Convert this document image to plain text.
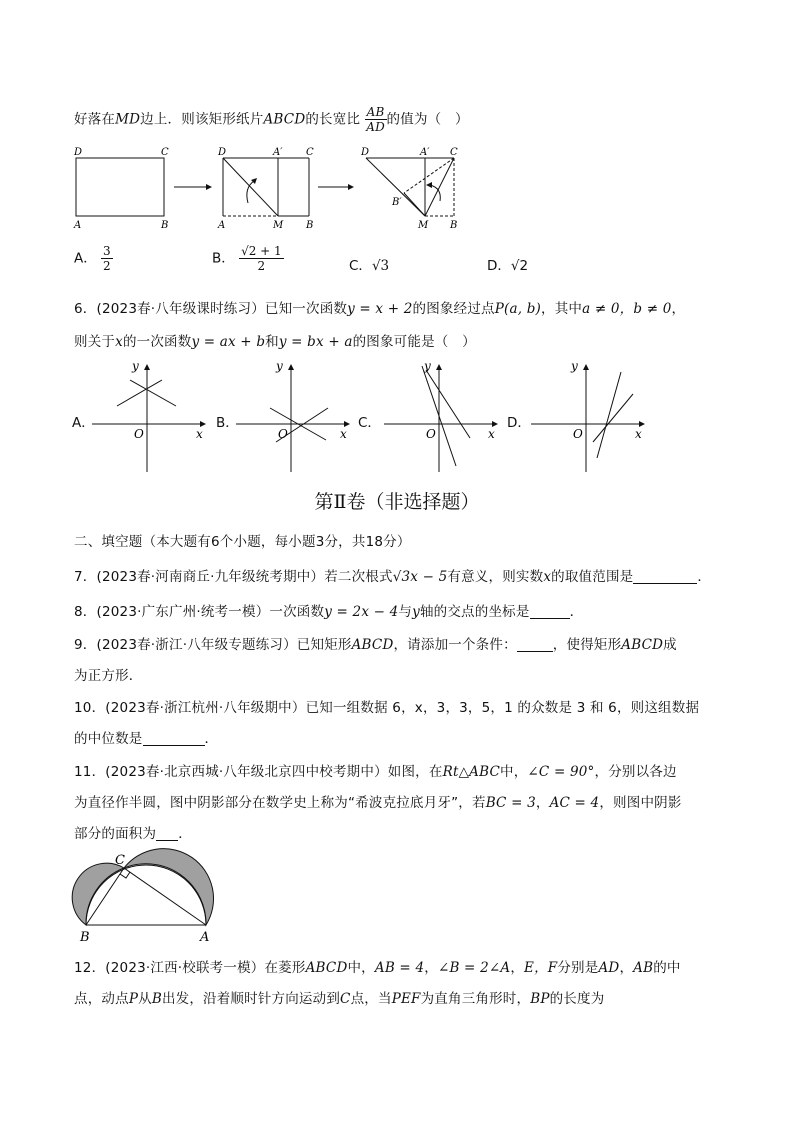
好落在MD边上．则该矩形纸片ABCD的长宽比 $\frac{AB}{AD}$ 的值为（　）
D	C
A	B
D	A′ C
A	M B
D	A′ C
B′
M B
A． $\frac{3}{2}$	B． $\frac{√2 + 1}{2}$	C．√3	D．√2
6．(2023春·八年级课时练习）已知一次函数y = x + 2的图象经过点P(a, b)，其中a ≠ 0，b ≠ 0，
则关于x的一次函数y = ax + b和y = bx + a的图象可能是（　）
A．
y
x
O
B．
y
x
O
C．
y
x
O
D．
y
x
O
第Ⅱ卷（非选择题）
二、填空题（本大题有6个小题，每小题3分，共18分）
7．(2023春·河南商丘·九年级统考期中）若二次根式√3x − 5有意义，则实数x的取值范围是	．
8．(2023·广东广州·统考一模）一次函数y = 2x − 4与y轴的交点的坐标是	．
9．(2023春·浙江·八年级专题练习）已知矩形ABCD，请添加一个条件：	，使得矩形ABCD成
为正方形．
10．(2023春·浙江杭州·八年级期中）已知一组数据 6，x，3，3，5，1 的众数是 3 和 6，则这组数据
的中位数是	．
11．(2023春·北京西城·八年级北京四中校考期中）如图，在Rt△ABC中，∠C = 90°，分别以各边
为直径作半圆，图中阴影部分在数学史上称为“希波克拉底月牙”，若BC = 3，AC = 4，则图中阴影
部分的面积为 ．
C
B	A
12．(2023·江西·校联考一模）在菱形ABCD中，AB = 4，∠B = 2∠A，E，F分别是AD，AB的中
点，动点P从B出发，沿着顺时针方向运动到C点，当PEF为直角三角形时，BP的长度为
